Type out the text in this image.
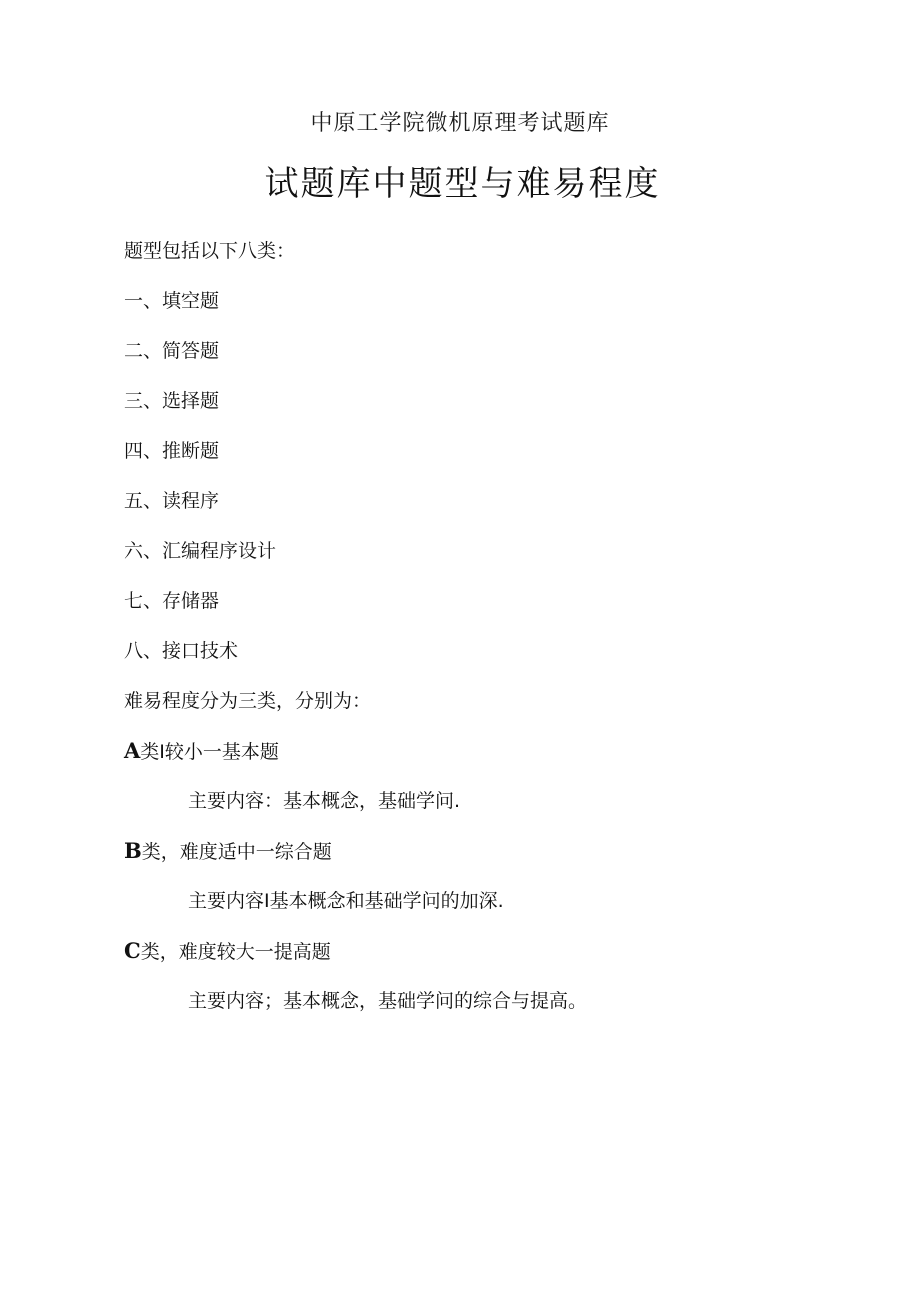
中原工学院微机原理考试题库
试题库中题型与难易程度
题型包括以下八类：
一、填空题
二、简答题
三、选择题
四、推断题
五、读程序
六、汇编程序设计
七、存储器
八、接口技术
难易程度分为三类，分别为：
A类I较小一基本题
主要内容：基本概念，基础学问.
B类，难度适中一综合题
主要内容I基本概念和基础学问的加深.
C类，难度较大一提高题
主要内容；基本概念，基础学问的综合与提高。
